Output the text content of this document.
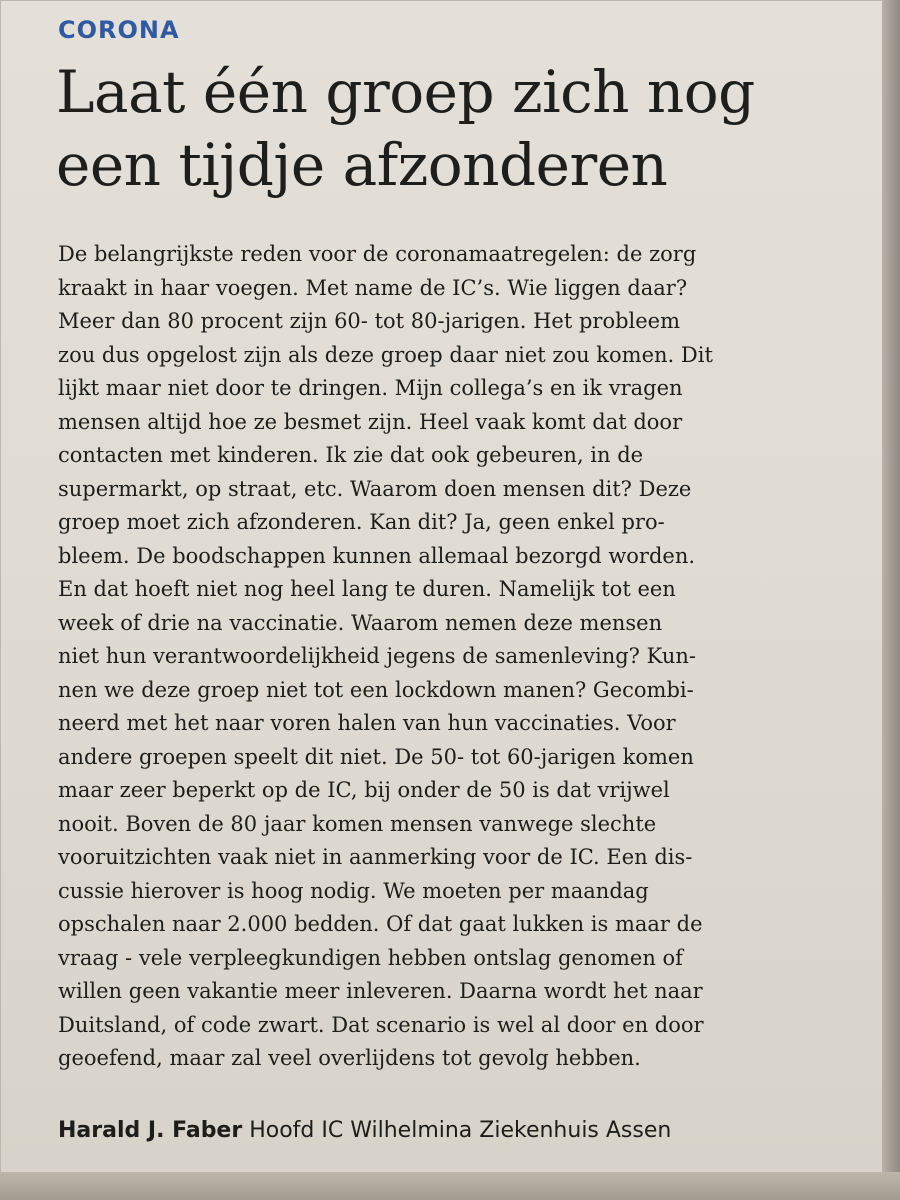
CORONA
Laat één groep zich nog
een tijdje afzonderen
De belangrijkste reden voor de coronamaatregelen: de zorg
kraakt in haar voegen. Met name de IC’s. Wie liggen daar?
Meer dan 80 procent zijn 60- tot 80-jarigen. Het probleem
zou dus opgelost zijn als deze groep daar niet zou komen. Dit
lijkt maar niet door te dringen. Mijn collega’s en ik vragen
mensen altijd hoe ze besmet zijn. Heel vaak komt dat door
contacten met kinderen. Ik zie dat ook gebeuren, in de
supermarkt, op straat, etc. Waarom doen mensen dit? Deze
groep moet zich afzonderen. Kan dit? Ja, geen enkel pro-
bleem. De boodschappen kunnen allemaal bezorgd worden.
En dat hoeft niet nog heel lang te duren. Namelijk tot een
week of drie na vaccinatie. Waarom nemen deze mensen
niet hun verantwoordelijkheid jegens de samenleving? Kun-
nen we deze groep niet tot een lockdown manen? Gecombi-
neerd met het naar voren halen van hun vaccinaties. Voor
andere groepen speelt dit niet. De 50- tot 60-jarigen komen
maar zeer beperkt op de IC, bij onder de 50 is dat vrijwel
nooit. Boven de 80 jaar komen mensen vanwege slechte
vooruitzichten vaak niet in aanmerking voor de IC. Een dis-
cussie hierover is hoog nodig. We moeten per maandag
opschalen naar 2.000 bedden. Of dat gaat lukken is maar de
vraag - vele verpleegkundigen hebben ontslag genomen of
willen geen vakantie meer inleveren. Daarna wordt het naar
Duitsland, of code zwart. Dat scenario is wel al door en door
geoefend, maar zal veel overlijdens tot gevolg hebben.

Harald J. Faber Hoofd IC Wilhelmina Ziekenhuis Assen
